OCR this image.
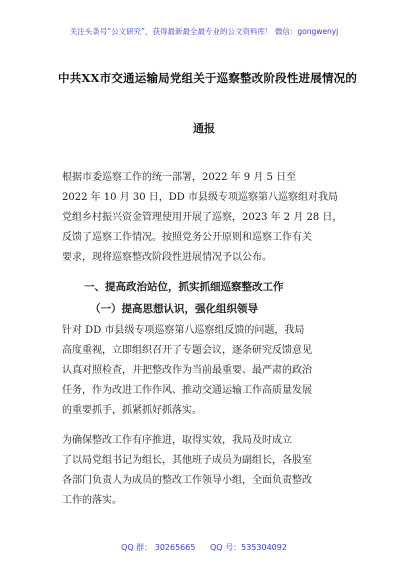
关注头条号“公文研究”，获得最新最全最专业的公文资料库！ 微信：gongwenyj
中共XX市交通运输局党组关于巡察整改阶段性进展情况的
通报
根据市委巡察工作的统一部署，2022 年 9 月 5 日至
2022 年 10 月 30 日，DD 市县级专项巡察第八巡察组对我局
党组乡村振兴资金管理使用开展了巡察，2023 年 2 月 28 日，
反馈了巡察工作情况。按照党务公开原则和巡察工作有关
要求，现将巡察整改阶段性进展情况予以公布。
一、提高政治站位，抓实抓细巡察整改工作
（一）提高思想认识，强化组织领导
针对 DD 市县级专项巡察第八巡察组反馈的问题，我局
高度重视，立即组织召开了专题会议，逐条研究反馈意见
认真对照检查，并把整改作为当前最重要、最严肃的政治
任务，作为改进工作作风、推动交通运输工作高质量发展
的重要抓手，抓紧抓好抓落实。
为确保整改工作有序推进，取得实效，我局及时成立
了以局党组书记为组长，其他班子成员为副组长，各股室
各部门负责人为成员的整改工作领导小组，全面负责整改
工作的落实。
QQ 群： 30265665 QQ 号：535304092
